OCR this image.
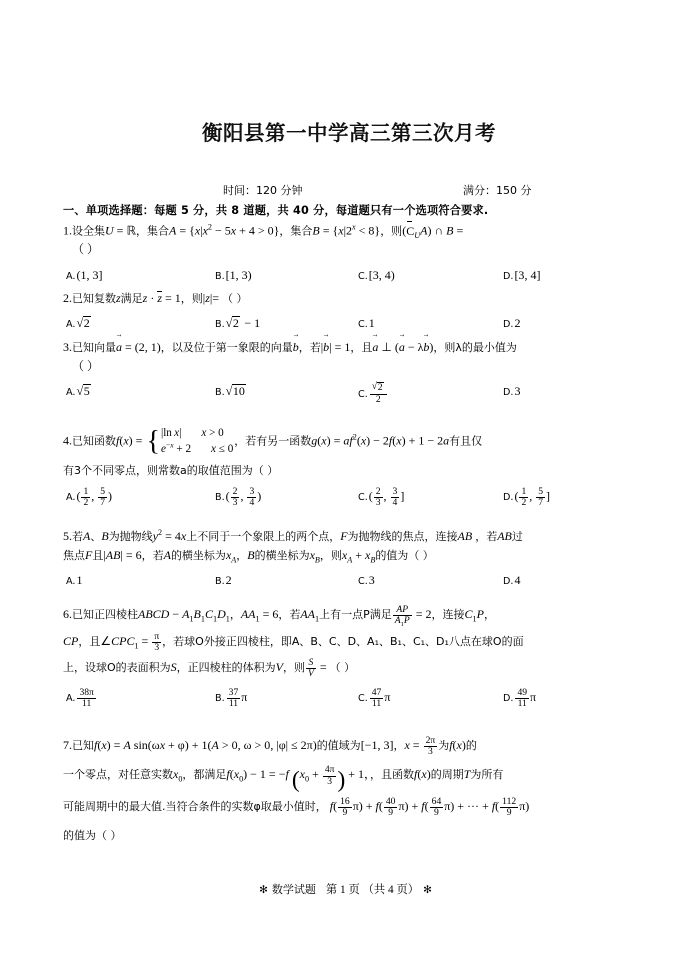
衡阳县第一中学高三第三次月考
时间：120 分钟	满分：150 分
一、单项选择题：每题 5 分，共 8 道题，共 40 分，每道题只有一个选项符合要求.
1.设全集U = ℝ，集合$A = \{x|x^2 - 5x + 4 > 0\}$，集合$B = \{x|2^x < 8\}$，则$(C_UA)$ ∩ B =
（ ）
A.(1, 3]	B.[1, 3)	C.[3, 4)	D.[3, 4]
2.已知复数z满足z · z = 1，则|z|= （ ）
A. √ 2	B. √ 2 − 1	C.1	D.2
3.已知向量a → = (2, 1)，以及位于第一象限的向量b →，若|b →| = 1，且a → ⊥ (a → − λb →)，则λ的最小值为
（ ）
A. √ 5	B. √ 10	C. √ $\frac{2}{2}$	D.3
4.已知函数f(x) = { |ln x| x > 0
$e^{-x} + 2$ x ≤ 0
，若有另一函数$g(x) = af^2(x) - 2f(x) + 1 - 2a$有且仅
有3个不同零点，则常数a的取值范围为（ ）
$A.( \frac{1}{2}$ , $\frac{5}{7}$ )	$B.( \frac{2}{3}$ , $\frac{3}{4}$ )	$C.( \frac{2}{3}$ , $\frac{3}{4}$ ]	$D.( \frac{1}{2}$ , $\frac{5}{7}$ ]
5.若A、B为抛物线$y^2 = 4x$上不同于一个象限上的两个点，F为抛物线的焦点，连接AB ，若AB过
焦点F且|AB| = 6，若A的横坐标为$x_A$，B的横坐标为$x_B$，则$x_A + x_B$的值为（ ）
A.1	B.2	C.3	D.4
6.已知正四棱柱ABCD − $A_1B_1C_1D_1$，$AA_1 = 6$，若$AA_1$上有一点P满足 $\frac{AP}{A_1P} = 2$，连接$C_1P$，
CP，且$\angle CPC_1 = \frac{\pi}{3}$ ，若球O外接正四棱柱，即A、B、C、D、A₁、B₁、C₁、D₁八点在球O的面
上，设球O的表面积为S，正四棱柱的体积为V，则 $\frac{S}{V}$ = （ ）
A. $\frac{38\pi}{11}$	B. $\frac{37}{11}$ π	C. $\frac{47}{11}$ π	D. $\frac{49}{11}$ π
7.已知f(x) = A sin(ωx + φ) + 1(A > 0, ω > 0, |φ| ≤ 2π)的值域为[−1, 3]，$x = \frac{2\pi}{3}$ 为f(x)的
一个零点，对任意实数$x_0$，都满足$f(x_0) - 1 = -f$ ($x_0 + \frac{4\pi}{3}$ ) + 1，，且函数f(x)的周期T为所有
可能周期中的最大值.当符合条件的实数φ取最小值时， $f( \frac{16}{9} \pi) + f( \frac{40}{9} \pi) + f( \frac{64}{9} \pi)$ + ··· + $f( \frac{112}{9} \pi)$
的值为（ ）
✻ 数学试题 第 1 页 （共 4 页） ✻
